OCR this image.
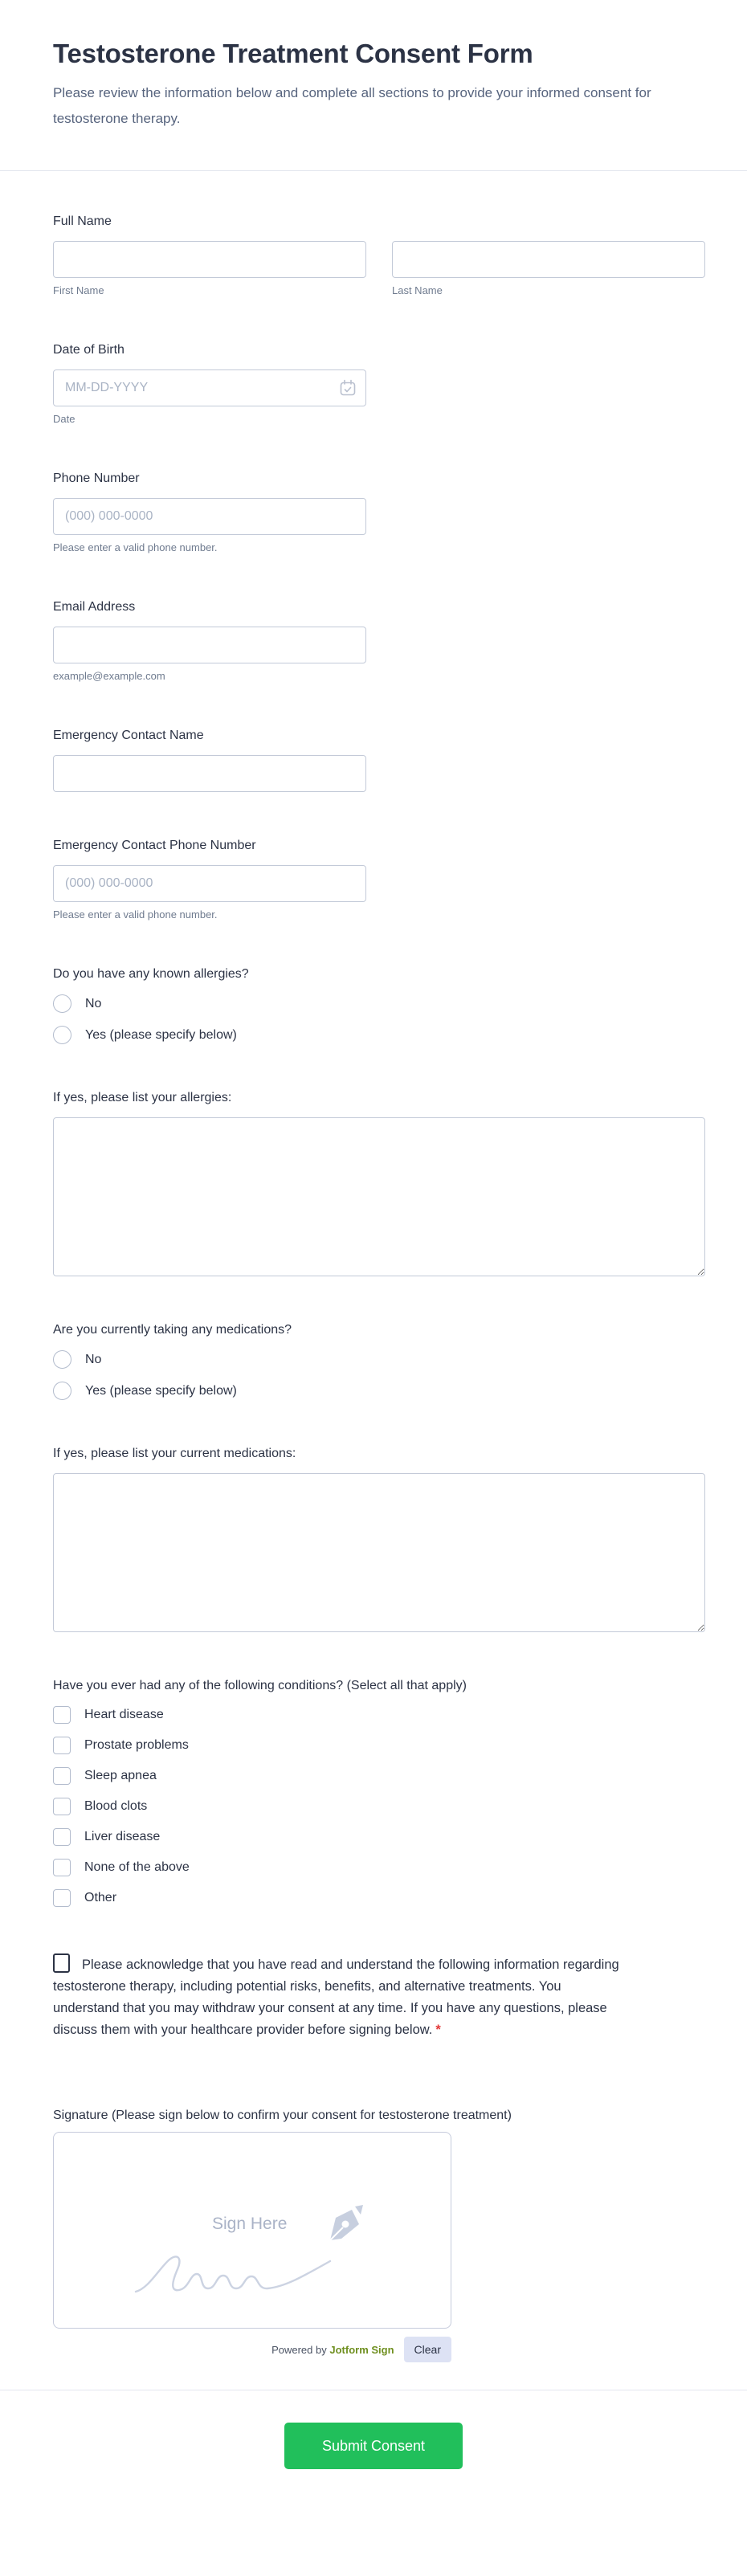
Testosterone Treatment Consent Form

Please review the information below and complete all sections to provide your informed consent for testosterone therapy.

Full Name
First Name	Last Name
Date of Birth
MM-DD-YYYY
Date
Phone Number
(000) 000-0000
Please enter a valid phone number.
Email Address
example@example.com
Emergency Contact Name
Emergency Contact Phone Number
(000) 000-0000
Please enter a valid phone number.
Do you have any known allergies?
No
Yes (please specify below)
If yes, please list your allergies:
Are you currently taking any medications?
No
Yes (please specify below)
If yes, please list your current medications:
Have you ever had any of the following conditions? (Select all that apply)
Heart disease
Prostate problems
Sleep apnea
Blood clots
Liver disease
None of the above
Other

Please acknowledge that you have read and understand the following information regarding testosterone therapy, including potential risks, benefits, and alternative treatments. You understand that you may withdraw your consent at any time. If you have any questions, please discuss them with your healthcare provider before signing below. *

Signature (Please sign below to confirm your consent for testosterone treatment)
Sign Here
Powered by Jotform Sign	Clear
Submit Consent
